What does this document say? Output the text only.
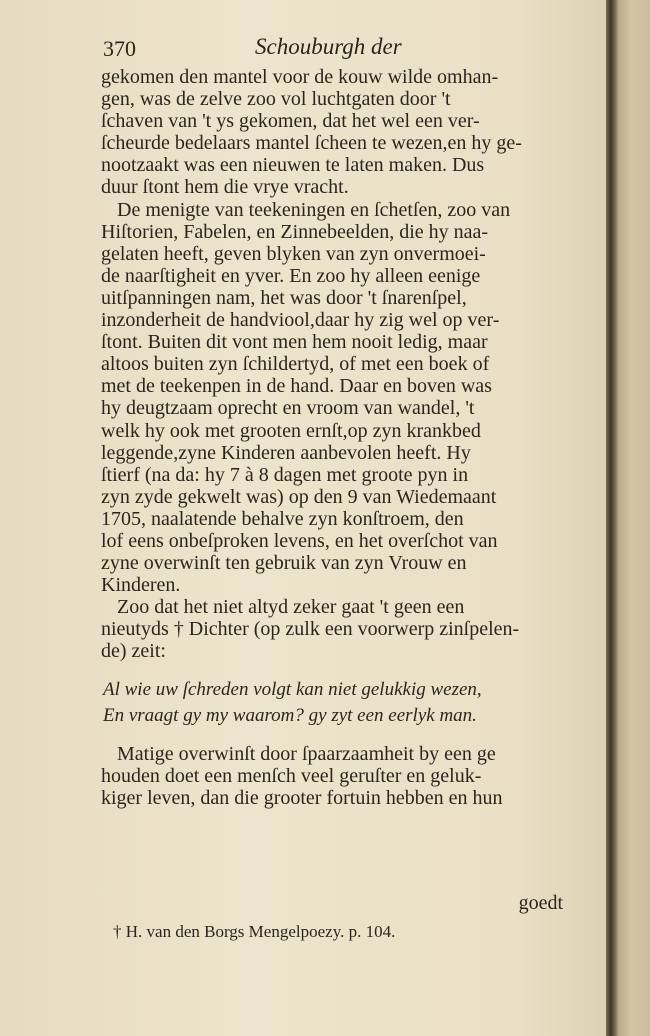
370	Schouburgh der
gekomen den mantel voor de kouw wilde omhan-
gen, was de zelve zoo vol luchtgaten door 't
ſchaven van 't ys gekomen, dat het wel een ver-
ſcheurde bedelaars mantel ſcheen te wezen,en hy ge-
nootzaakt was een nieuwen te laten maken. Dus
duur ſtont hem die vrye vracht.
De menigte van teekeningen en ſchetſen, zoo van
Hiſtorien, Fabelen, en Zinnebeelden, die hy naa-
gelaten heeft, geven blyken van zyn onvermoei-
de naarſtigheit en yver. En zoo hy alleen eenige
uitſpanningen nam, het was door 't ſnarenſpel,
inzonderheit de handviool,daar hy zig wel op ver-
ſtont. Buiten dit vont men hem nooit ledig, maar
altoos buiten zyn ſchildertyd, of met een boek of
met de teekenpen in de hand. Daar en boven was
hy deugtzaam oprecht en vroom van wandel, 't
welk hy ook met grooten ernſt,op zyn krankbed
leggende,zyne Kinderen aanbevolen heeft. Hy
ſtierf (na da: hy 7 à 8 dagen met groote pyn in
zyn zyde gekwelt was) op den 9 van Wiedemaant
1705, naalatende behalve zyn konſtroem, den
lof eens onbeſproken levens, en het overſchot van
zyne overwinſt ten gebruik van zyn Vrouw en
Kinderen.
Zoo dat het niet altyd zeker gaat 't geen een
nieutyds † Dichter (op zulk een voorwerp zinſpelen-
de) zeit:
Al wie uw ſchreden volgt kan niet gelukkig wezen,
En vraagt gy my waarom? gy zyt een eerlyk man.
Matige overwinſt door ſpaarzaamheit by een ge
houden doet een menſch veel geruſter en geluk-
kiger leven, dan die grooter fortuin hebben en hun
goedt
† H. van den Borgs Mengelpoezy. p. 104.
